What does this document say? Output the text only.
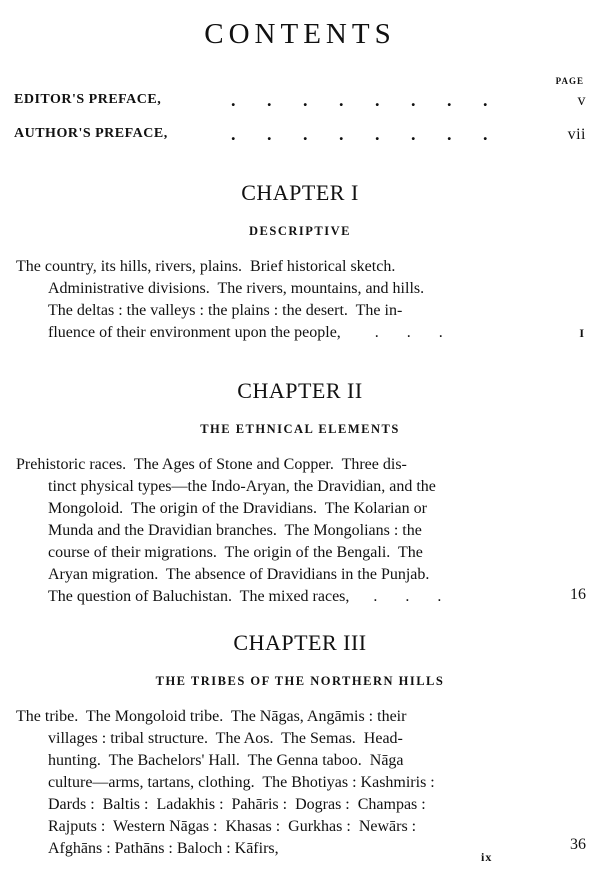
CONTENTS
PAGE
EDITOR'S PREFACE,	.       .       .       .       .       .       .       .	v
AUTHOR'S PREFACE,	.       .       .       .       .       .       .       .	vii
CHAPTER I
DESCRIPTIVE
The country, its hills, rivers, plains.  Brief historical sketch.
Administrative divisions.  The rivers, mountains, and hills.
The deltas : the valleys : the plains : the desert.  The in-
fluence of their environment upon the people, .       .       .	I
CHAPTER II
THE ETHNICAL ELEMENTS
Prehistoric races.  The Ages of Stone and Copper.  Three dis-
tinct physical types—the Indo-Aryan, the Dravidian, and the
Mongoloid.  The origin of the Dravidians.  The Kolarian or
Munda and the Dravidian branches.  The Mongolians : the
course of their migrations.  The origin of the Bengali.  The
Aryan migration.  The absence of Dravidians in the Punjab.
The question of Baluchistan.  The mixed races, .       .       .	16
CHAPTER III
THE TRIBES OF THE NORTHERN HILLS
The tribe.  The Mongoloid tribe.  The Nāgas, Angāmis : their
villages : tribal structure.  The Aos.  The Semas.  Head-
hunting.  The Bachelors' Hall.  The Genna taboo.  Nāga
culture—arms, tartans, clothing.  The Bhotiyas : Kashmiris :
Dards :  Baltis :  Ladakhis :  Pahāris :  Dogras :  Champas :
Rajputs :  Western Nāgas :  Khasas :  Gurkhas :  Newārs :
Afghāns : Pathāns : Baloch : Kāfirs,	36
ix
